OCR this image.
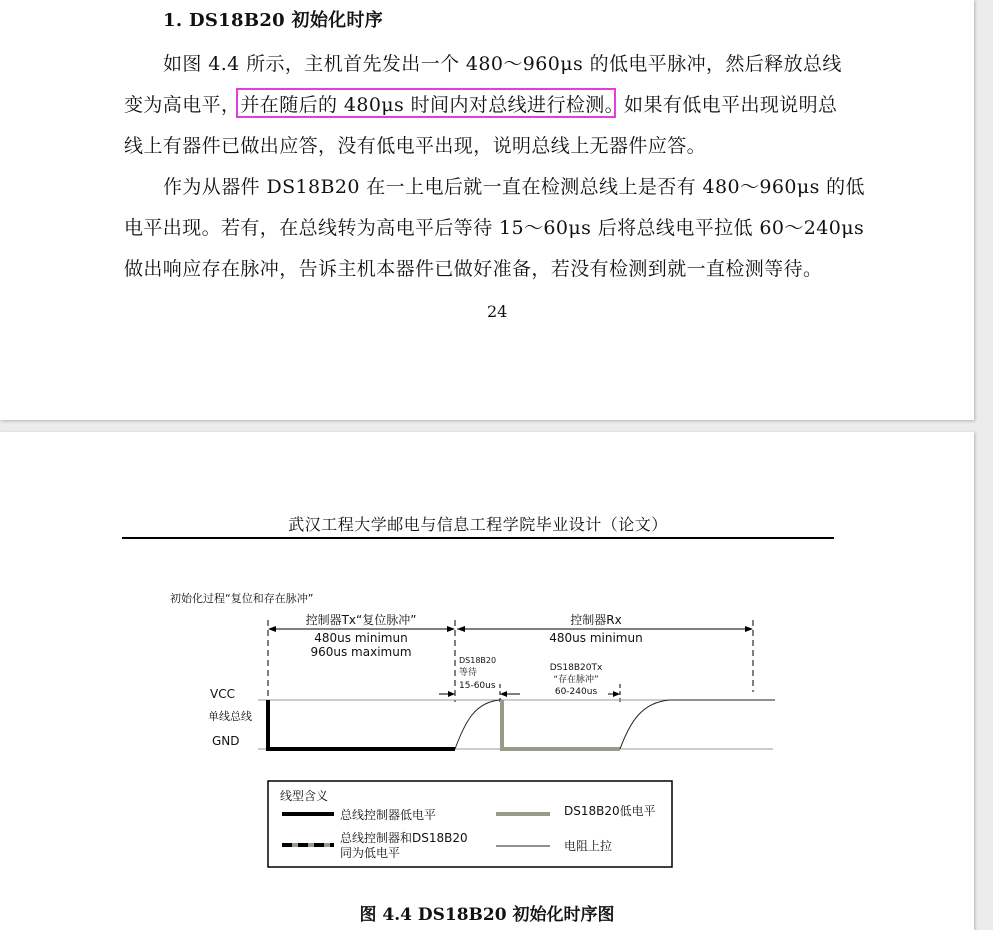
1. DS18B20 初始化时序
如图 4.4 所示，主机首先发出一个 480～960μs 的低电平脉冲，然后释放总线
变为高电平，并在随后的 480μs 时间内对总线进行检测。如果有低电平出现说明总
线上有器件已做出应答，没有低电平出现，说明总线上无器件应答。
作为从器件 DS18B20 在一上电后就一直在检测总线上是否有 480～960μs 的低
电平出现。若有，在总线转为高电平后等待 15～60μs 后将总线电平拉低 60～240μs
做出响应存在脉冲，告诉主机本器件已做好准备，若没有检测到就一直检测等待。
24
武汉工程大学邮电与信息工程学院毕业设计（论文）
初始化过程“复位和存在脉冲”
控制器Tx“复位脉冲”
480us minimun
960us maximum
控制器Rx
480us minimun
DS18B20
等待
15-60us
DS18B20Tx
“存在脉冲”
60-240us
VCC
单线总线
GND
线型含义
总线控制器低电平
总线控制器和DS18B20
同为低电平
DS18B20低电平
电阻上拉
图 4.4 DS18B20 初始化时序图
